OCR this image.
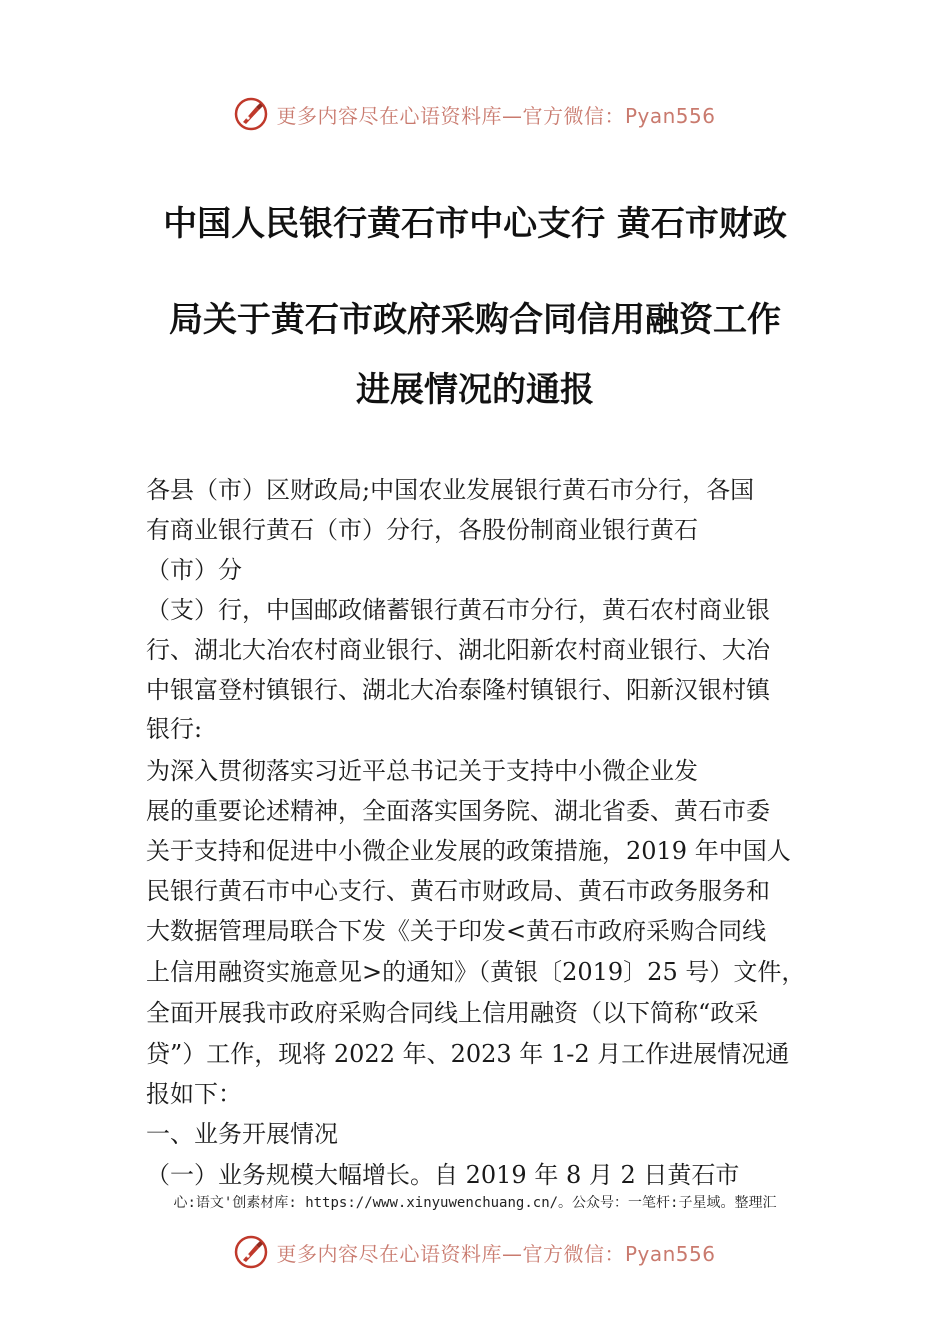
更多内容尽在心语资料库—官方微信：Pyan556
中国人民银行黄石市中心支行 黄石市财政
局关于黄石市政府采购合同信用融资工作
进展情况的通报
各县（市）区财政局;中国农业发展银行黄石市分行，各国
有商业银行黄石（市）分行，各股份制商业银行黄石
（市）分
（支）行，中国邮政储蓄银行黄石市分行，黄石农村商业银
行、湖北大冶农村商业银行、湖北阳新农村商业银行、大冶
中银富登村镇银行、湖北大冶泰隆村镇银行、阳新汉银村镇
银行:
为深入贯彻落实习近平总书记关于支持中小微企业发
展的重要论述精神，全面落实国务院、湖北省委、黄石市委
关于支持和促进中小微企业发展的政策措施，2019 年中国人
民银行黄石市中心支行、黄石市财政局、黄石市政务服务和
大数据管理局联合下发《关于印发<黄石市政府采购合同线
上信用融资实施意见>的通知》（黄银〔2019〕25 号）文件，
全面开展我市政府采购合同线上信用融资（以下简称“政采
贷”）工作，现将 2022 年、2023 年 1-2 月工作进展情况通
报如下：
一、业务开展情况
（一）业务规模大幅增长。自 2019 年 8 月 2 日黄石市
心:语文'创素材库: https://www.xinyuwenchuang.cn/。公众号：一笔杆:子星域。整理汇
更多内容尽在心语资料库—官方微信：Pyan556
